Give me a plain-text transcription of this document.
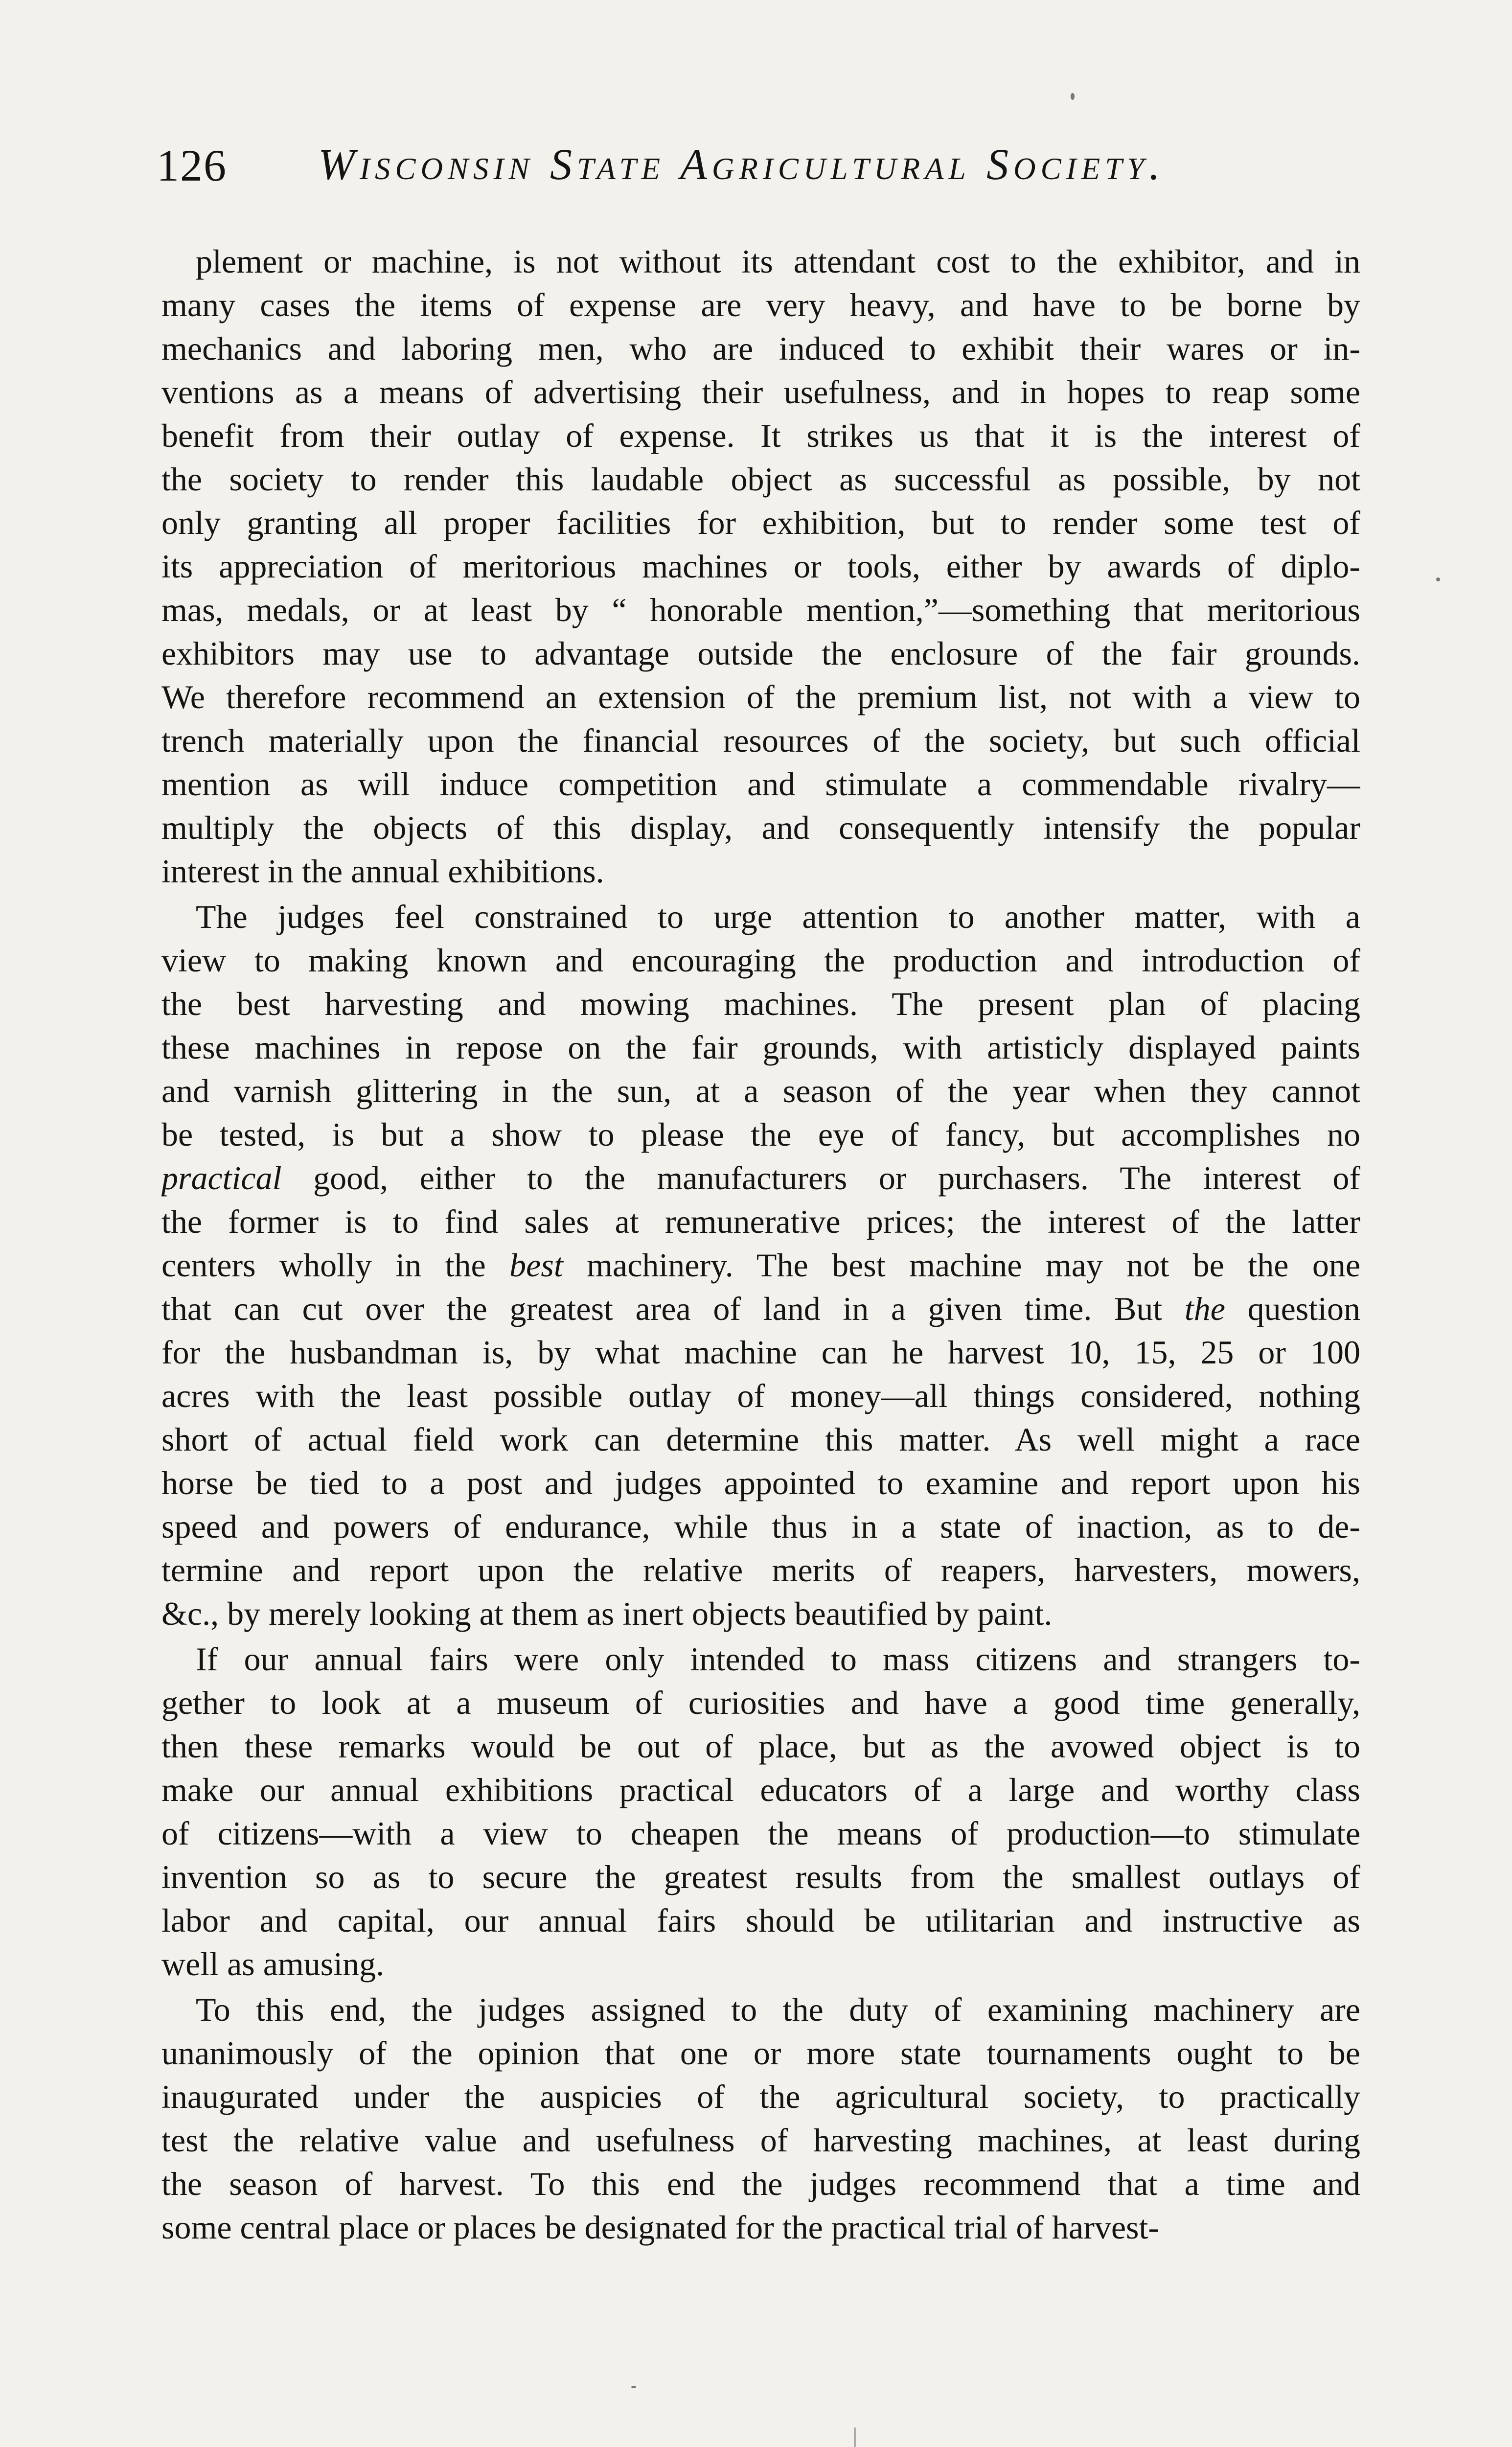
126 Wisconsin State Agricultural Society.
plement or machine, is not without its attendant cost to the exhibitor, and in
many cases the items of expense are very heavy, and have to be borne by
mechanics and laboring men, who are induced to exhibit their wares or in-
ventions as a means of advertising their usefulness, and in hopes to reap some
benefit from their outlay of expense. It strikes us that it is the interest of
the society to render this laudable object as successful as possible, by not
only granting all proper facilities for exhibition, but to render some test of
its appreciation of meritorious machines or tools, either by awards of diplo-
mas, medals, or at least by “ honorable mention,”—something that meritorious
exhibitors may use to advantage outside the enclosure of the fair grounds.
We therefore recommend an extension of the premium list, not with a view to
trench materially upon the financial resources of the society, but such official
mention as will induce competition and stimulate a commendable rivalry—
multiply the objects of this display, and consequently intensify the popular
interest in the annual exhibitions.
The judges feel constrained to urge attention to another matter, with a
view to making known and encouraging the production and introduction of
the best harvesting and mowing machines. The present plan of placing
these machines in repose on the fair grounds, with artisticly displayed paints
and varnish glittering in the sun, at a season of the year when they cannot
be tested, is but a show to please the eye of fancy, but accomplishes no
practical good, either to the manufacturers or purchasers. The interest of
the former is to find sales at remunerative prices; the interest of the latter
centers wholly in the best machinery. The best machine may not be the one
that can cut over the greatest area of land in a given time. But the question
for the husbandman is, by what machine can he harvest 10, 15, 25 or 100
acres with the least possible outlay of money—all things considered, nothing
short of actual field work can determine this matter. As well might a race
horse be tied to a post and judges appointed to examine and report upon his
speed and powers of endurance, while thus in a state of inaction, as to de-
termine and report upon the relative merits of reapers, harvesters, mowers,
&c., by merely looking at them as inert objects beautified by paint.
If our annual fairs were only intended to mass citizens and strangers to-
gether to look at a museum of curiosities and have a good time generally,
then these remarks would be out of place, but as the avowed object is to
make our annual exhibitions practical educators of a large and worthy class
of citizens—with a view to cheapen the means of production—to stimulate
invention so as to secure the greatest results from the smallest outlays of
labor and capital, our annual fairs should be utilitarian and instructive as
well as amusing.
To this end, the judges assigned to the duty of examining machinery are
unanimously of the opinion that one or more state tournaments ought to be
inaugurated under the auspicies of the agricultural society, to practically
test the relative value and usefulness of harvesting machines, at least during
the season of harvest. To this end the judges recommend that a time and
some central place or places be designated for the practical trial of harvest-
